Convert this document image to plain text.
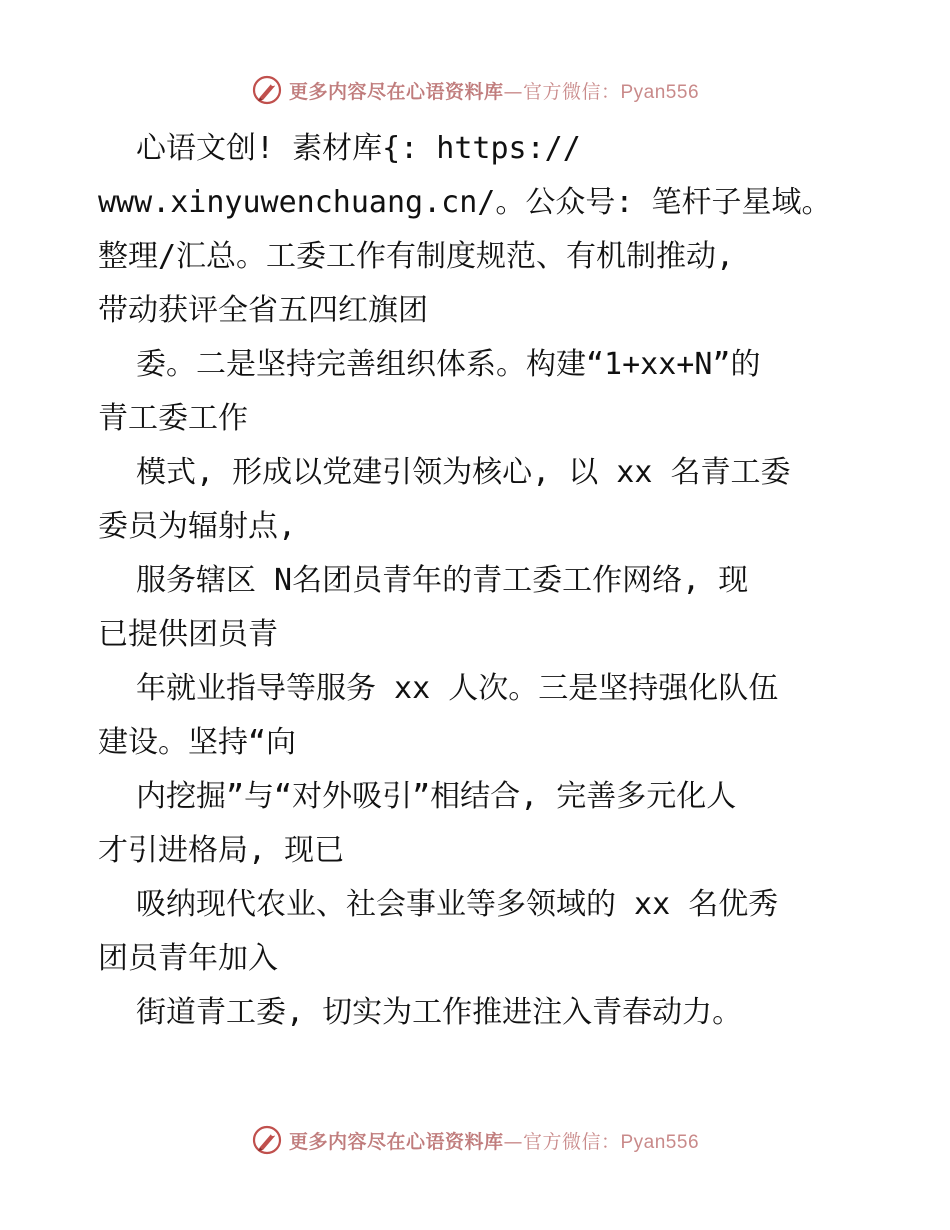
更多内容尽在心语资料库—官方微信：Pyan556
心语文创! 素材库{: https://
www.xinyuwenchuang.cn/。公众号: 笔杆子星域。
整理/汇总。工委工作有制度规范、有机制推动,
带动获评全省五四红旗团
委。二是坚持完善组织体系。构建“1+xx+N”的
青工委工作
模式, 形成以党建引领为核心, 以 xx 名青工委
委员为辐射点,
服务辖区 N名团员青年的青工委工作网络, 现
已提供团员青
年就业指导等服务 xx 人次。三是坚持强化队伍
建设。坚持“向
内挖掘”与“对外吸引”相结合, 完善多元化人
才引进格局, 现已
吸纳现代农业、社会事业等多领域的 xx 名优秀
团员青年加入
街道青工委, 切实为工作推进注入青春动力。
更多内容尽在心语资料库—官方微信：Pyan556
